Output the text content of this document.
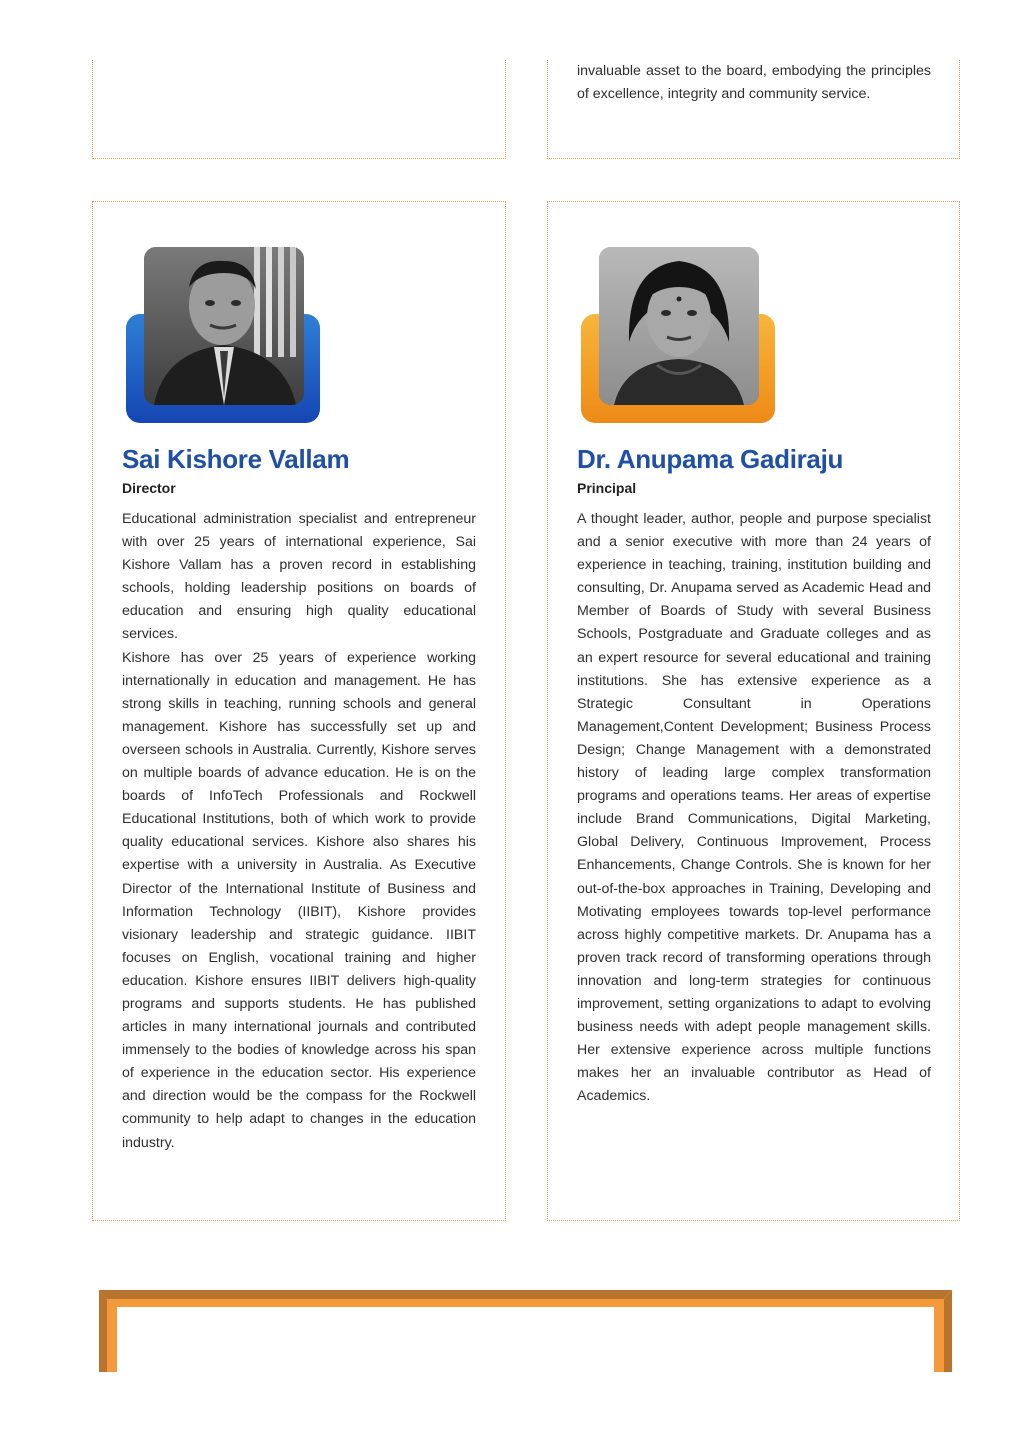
invaluable asset to the board, embodying the principles of excellence, integrity and community service.

Sai Kishore Vallam

Director

Educational administration specialist and entrepreneur with over 25 years of international experience, Sai Kishore Vallam has a proven record in establishing schools, holding leadership positions on boards of education and ensuring high quality educational services.

Kishore has over 25 years of experience working internationally in education and management. He has strong skills in teaching, running schools and general management. Kishore has successfully set up and overseen schools in Australia. Currently, Kishore serves on multiple boards of advance education. He is on the boards of InfoTech Professionals and Rockwell Educational Institutions, both of which work to provide quality educational services. Kishore also shares his expertise with a university in Australia. As Executive Director of the International Institute of Business and Information Technology (IIBIT), Kishore provides visionary leadership and strategic guidance. IIBIT focuses on English, vocational training and higher education. Kishore ensures IIBIT delivers high-quality programs and supports students. He has published articles in many international journals and contributed immensely to the bodies of knowledge across his span of experience in the education sector. His experience and direction would be the compass for the Rockwell community to help adapt to changes in the education industry.

Dr. Anupama Gadiraju

Principal

A thought leader, author, people and purpose specialist and a senior executive with more than 24 years of experience in teaching, training, institution building and consulting, Dr. Anupama served as Academic Head and Member of Boards of Study with several Business Schools, Postgraduate and Graduate colleges and as an expert resource for several educational and training institutions. She has extensive experience as a Strategic Consultant in Operations Management,Content Development; Business Process Design; Change Management with a demonstrated history of leading large complex transformation programs and operations teams. Her areas of expertise include Brand Communications, Digital Marketing, Global Delivery, Continuous Improvement, Process Enhancements, Change Controls. She is known for her out-of-the-box approaches in Training, Developing and Motivating employees towards top-level performance across highly competitive markets. Dr. Anupama has a proven track record of transforming operations through innovation and long-term strategies for continuous improvement, setting organizations to adapt to evolving business needs with adept people management skills. Her extensive experience across multiple functions makes her an invaluable contributor as Head of Academics.
